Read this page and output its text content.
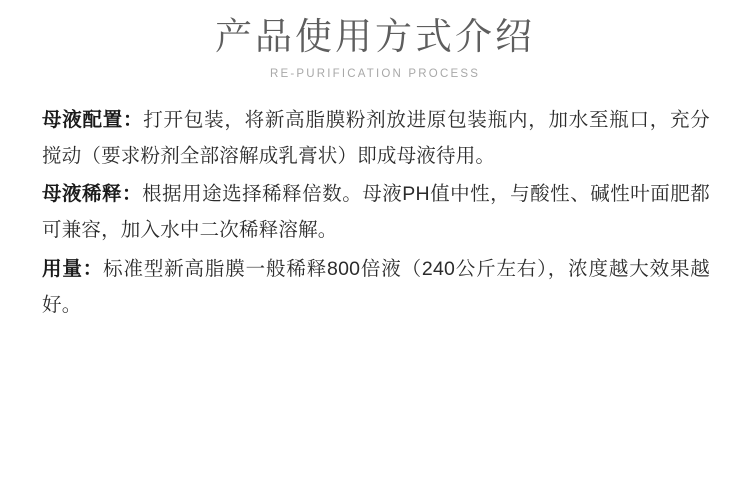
产品使用方式介绍
RE-PURIFICATION PROCESS

母液配置：打开包装，将新高脂膜粉剂放进原包装瓶内，加水至瓶口，充分搅动（要求粉剂全部溶解成乳膏状）即成母液待用。

母液稀释：根据用途选择稀释倍数。母液PH值中性，与酸性、碱性叶面肥都 可兼容，加入水中二次稀释溶解。

用量：标准型新高脂膜一般稀释800倍液（240公斤左右），浓度越大效果越好。
